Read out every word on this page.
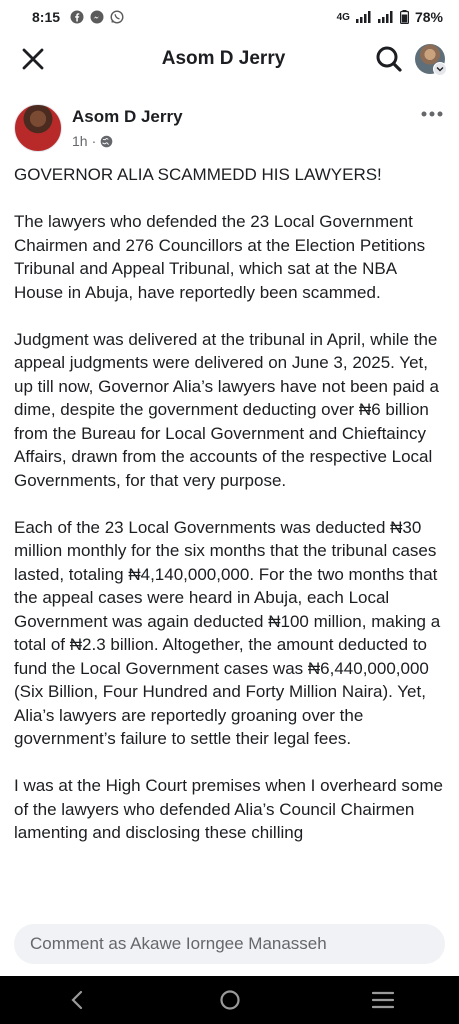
8:15	4G	78%
Asom D Jerry
Asom D Jerry
1h ·

GOVERNOR ALIA SCAMMEDD HIS LAWYERS!

The lawyers who defended the 23 Local Government Chairmen and 276 Councillors at the Election Petitions Tribunal and Appeal Tribunal, which sat at the NBA House in Abuja, have reportedly been scammed.

Judgment was delivered at the tribunal in April, while the appeal judgments were delivered on June 3, 2025. Yet, up till now, Governor Alia’s lawyers have not been paid a dime, despite the government deducting over ₦6 billion from the Bureau for Local Government and Chieftaincy Affairs, drawn from the accounts of the respective Local Governments, for that very purpose.

Each of the 23 Local Governments was deducted ₦30 million monthly for the six months that the tribunal cases lasted, totaling ₦4,140,000,000. For the two months that the appeal cases were heard in Abuja, each Local Government was again deducted ₦100 million, making a total of ₦2.3 billion. Altogether, the amount deducted to fund the Local Government cases was ₦6,440,000,000 (Six Billion, Four Hundred and Forty Million Naira). Yet, Alia’s lawyers are reportedly groaning over the government’s failure to settle their legal fees.

I was at the High Court premises when I overheard some of the lawyers who defended Alia’s Council Chairmen lamenting and disclosing these chilling

Comment as Akawe Iorngee Manasseh
